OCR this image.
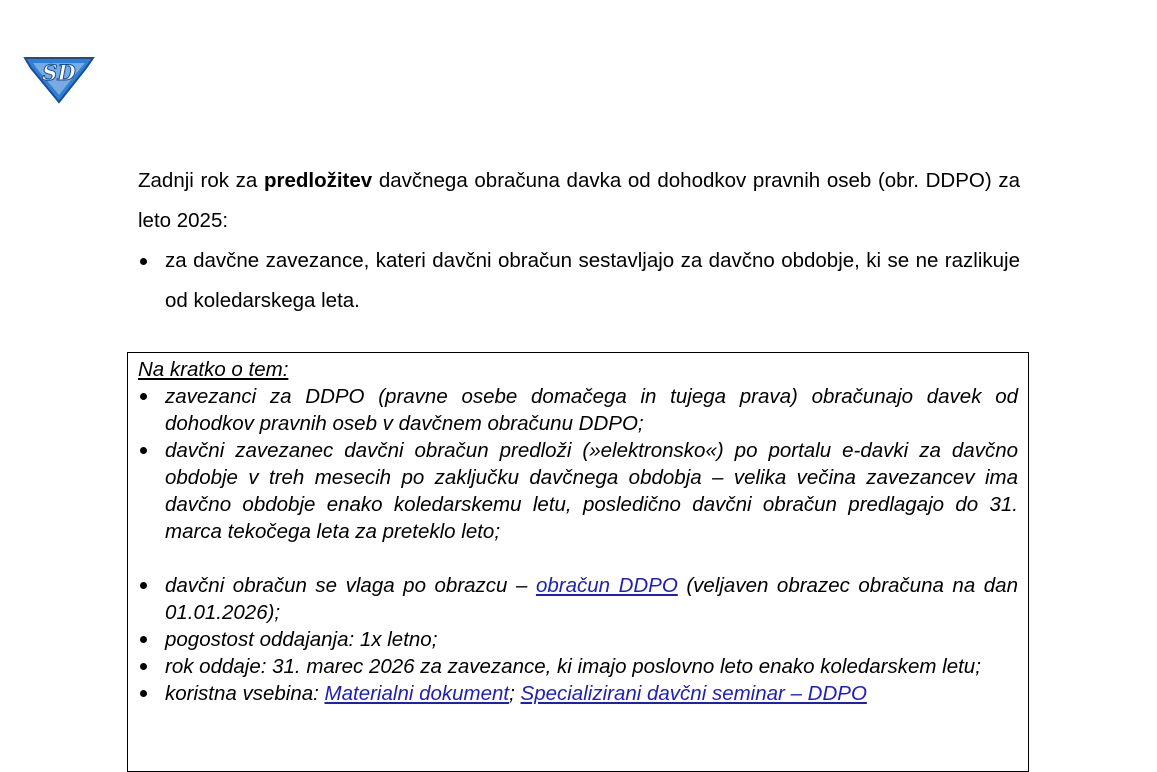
SD

Zadnji rok za predložitev davčnega obračuna davka od dohodkov pravnih oseb (obr. DDPO) za leto 2025:

za davčne zavezance, kateri davčni obračun sestavljajo za davčno obdobje, ki se ne razlikuje od koledarskega leta.
Na kratko o tem:
zavezanci za DDPO (pravne osebe domačega in tujega prava) obračunajo davek od dohodkov pravnih oseb v davčnem obračunu DDPO;
davčni zavezanec davčni obračun predloži (»elektronsko«) po portalu e-davki za davčno obdobje v treh mesecih po zaključku davčnega obdobja – velika večina zavezancev ima davčno obdobje enako koledarskemu letu, posledično davčni obračun predlagajo do 31. marca tekočega leta za preteklo leto;
davčni obračun se vlaga po obrazcu – obračun DDPO (veljaven obrazec obračuna na dan 01.01.2026);
pogostost oddajanja: 1x letno;
rok oddaje: 31. marec 2026 za zavezance, ki imajo poslovno leto enako koledarskem letu;
koristna vsebina: Materialni dokument; Specializirani davčni seminar – DDPO
